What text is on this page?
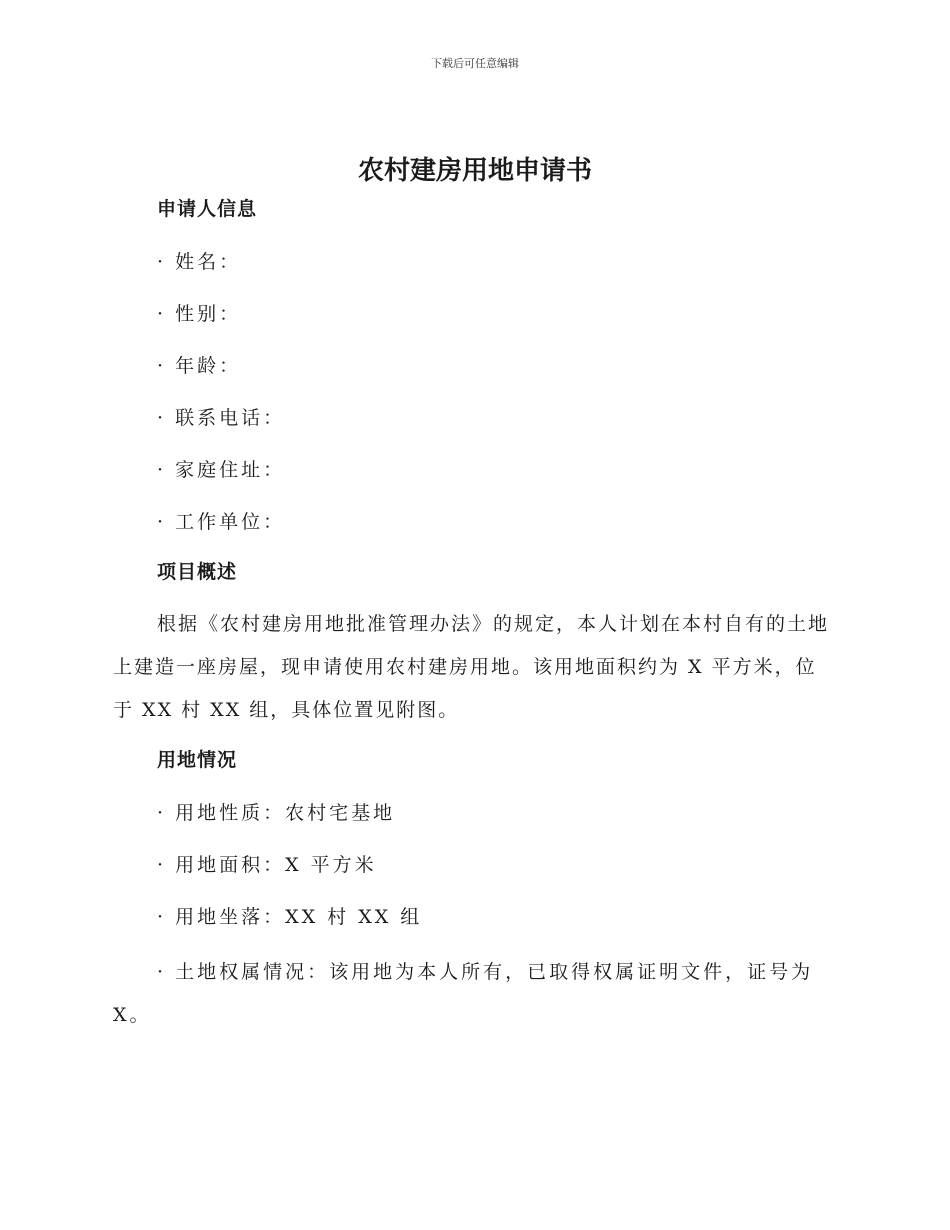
下载后可任意编辑
农村建房用地申请书
申请人信息
· 姓名：
· 性别：
· 年龄：
· 联系电话：
· 家庭住址：
· 工作单位：
项目概述

根据《农村建房用地批准管理办法》的规定，本人计划在本村自有的土地上建造一座房屋，现申请使用农村建房用地。该用地面积约为 X 平方米，位于 XX 村 XX 组，具体位置见附图。

用地情况
· 用地性质：农村宅基地
· 用地面积：X 平方米
· 用地坐落：XX 村 XX 组

· 土地权属情况：该用地为本人所有，已取得权属证明文件，证号为 X。
